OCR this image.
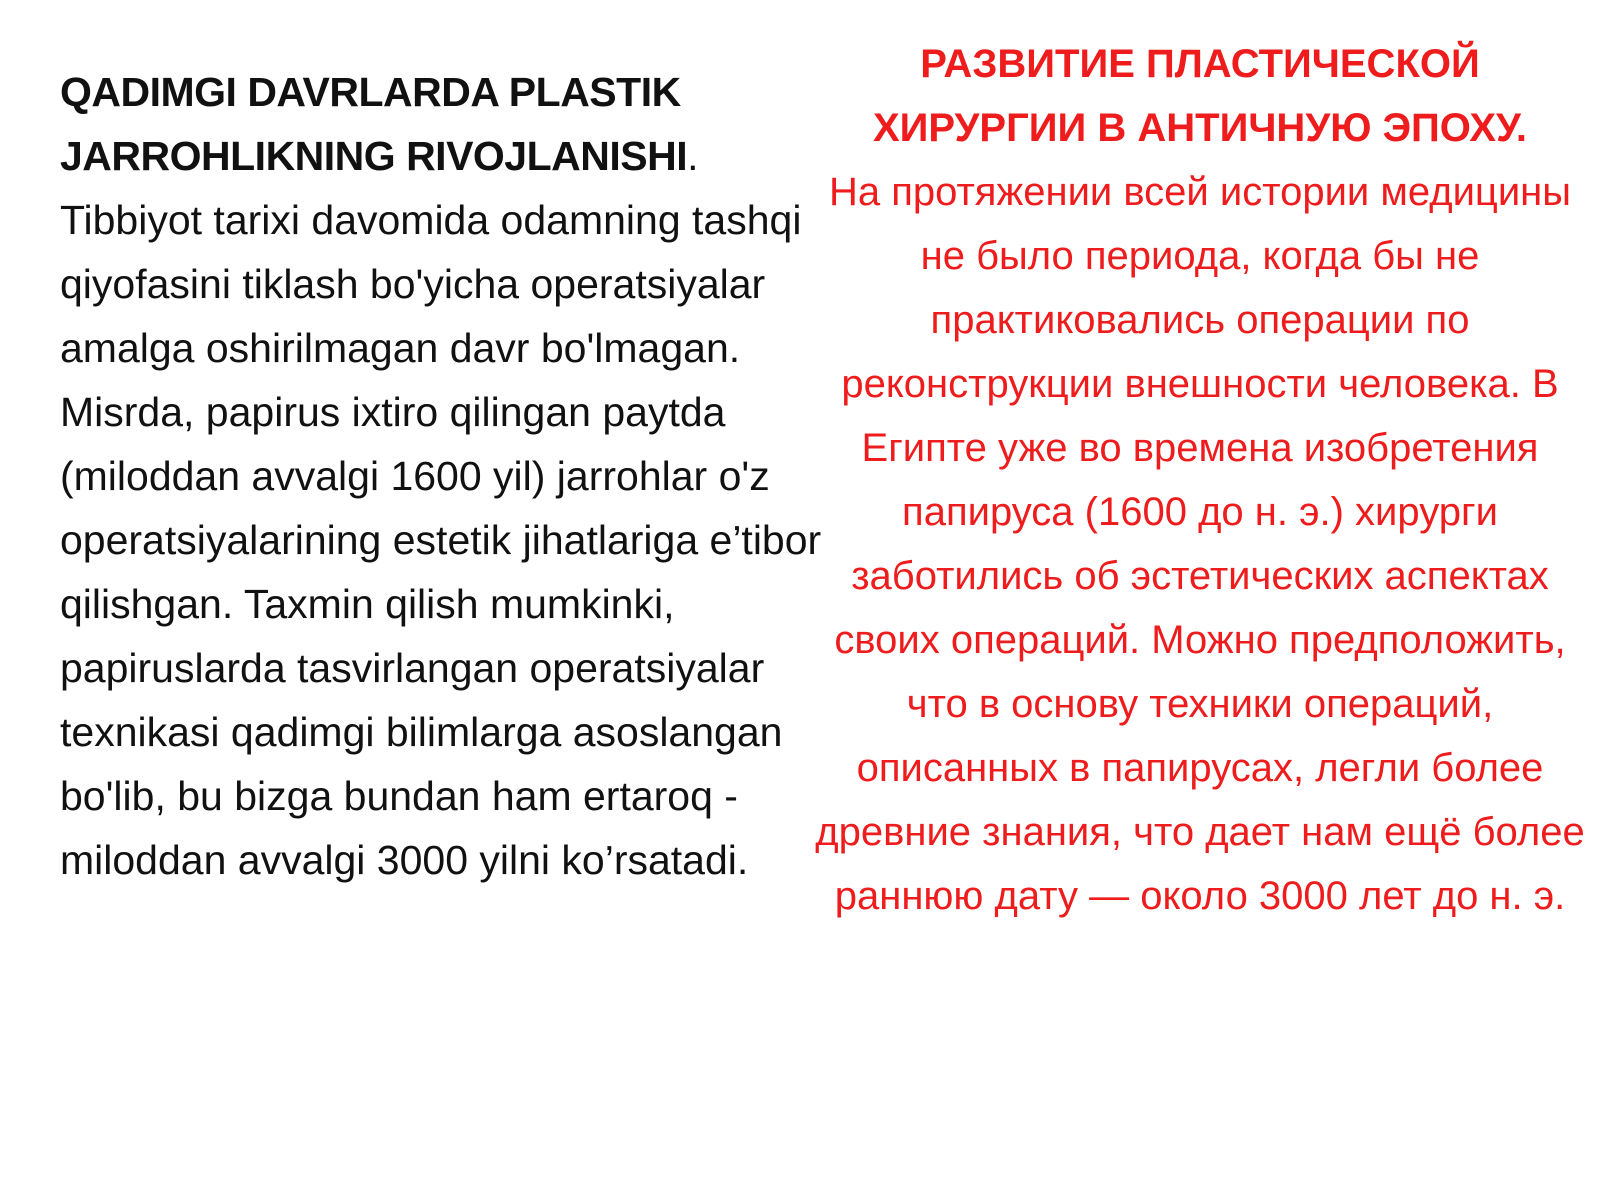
QADIMGI DAVRLARDA PLASTIK JARROHLIKNING RIVOJLANISHI. Tibbiyot tarixi davomida odamning tashqi qiyofasini tiklash bo'yicha operatsiyalar amalga oshirilmagan davr bo'lmagan. Misrda, papirus ixtiro qilingan paytda (miloddan avvalgi 1600 yil) jarrohlar o'z operatsiyalarining estetik jihatlariga e’tibor qilishgan. Taxmin qilish mumkinki, papiruslarda tasvirlangan operatsiyalar texnikasi qadimgi bilimlarga asoslangan bo'lib, bu bizga bundan ham ertaroq - miloddan avvalgi 3000 yilni ko’rsatadi.
РАЗВИТИЕ ПЛАСТИЧЕСКОЙ ХИРУРГИИ В АНТИЧНУЮ ЭПОХУ.
На протяжении всей истории медицины не было периода, когда бы не практиковались операции по реконструкции внешности человека. В Египте уже во времена изобретения папируса (1600 до н. э.) хирурги заботились об эстетических аспектах своих операций. Можно предположить, что в основу техники операций, описанных в папирусах, легли более древние знания, что дает нам ещё более раннюю дату — около 3000 лет до н. э.
